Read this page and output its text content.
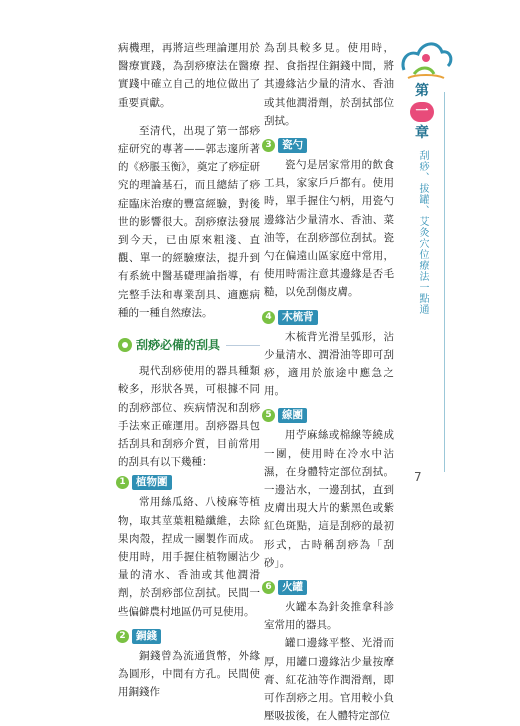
病機理，再將這些理論運用於醫療實踐，為刮痧療法在醫療實踐中確立自己的地位做出了重要貢獻。

至清代，出現了第一部痧症研究的專著——郭志邃所著的《痧脹玉衡》，奠定了痧症研究的理論基石，而且總結了痧症臨床治療的豐富經驗，對後世的影響很大。刮痧療法發展到今天，已由原來粗淺、直觀、單一的經驗療法，提升到有系統中醫基礎理論指導，有完整手法和專業刮具、適應病種的一種自然療法。

刮痧必備的刮具

現代刮痧使用的器具種類較多，形狀各異，可根據不同的刮痧部位、疾病情況和刮痧手法來正確運用。刮痧器具包括刮具和刮痧介質，目前常用的刮具有以下幾種：

1 植物團

常用絲瓜絡、八棱麻等植物，取其莖葉粗糙纖維，去除果肉殼，捏成一團製作而成。使用時，用手握住植物團沾少量的清水、香油或其他潤滑劑，於刮痧部位刮拭。民間一些偏僻農村地區仍可見使用。

2 銅錢

銅錢曾為流通貨幣，外緣為圓形，中間有方孔。民間使用銅錢作

為刮具較多見。使用時，捏、食指捏住銅錢中間，將其邊緣沾少量的清水、香油或其他潤滑劑，於刮拭部位刮拭。

3 瓷勺

瓷勺是居家常用的飲食工具，家家戶戶都有。使用時，單手握住勺柄，用瓷勺邊緣沾少量清水、香油、菜油等，在刮痧部位刮拭。瓷勺在偏遠山區家庭中常用，使用時需注意其邊緣是否毛糙，以免刮傷皮膚。

4 木梳背

木梳背光滑呈弧形，沾少量清水、潤滑油等即可刮痧，適用於旅途中應急之用。

5 線團

用苧麻絲或棉線等繞成一團，使用時在冷水中沾濕，在身體特定部位刮拭。一邊沾水，一邊刮拭，直到皮膚出現大片的紫黑色或紫紅色斑點，這是刮痧的最初形式，古時稱刮痧為「刮砂」。

6 火罐

火罐本為針灸推拿科診室常用的器具。

罐口邊緣平整、光滑而厚，用罐口邊緣沾少量按摩膏、紅花油等作潤滑劑，即可作刮痧之用。官用較小負壓吸拔後，在人體特定部位

第
一
章
刮痧、拔罐、艾灸穴位療法一點通
7
